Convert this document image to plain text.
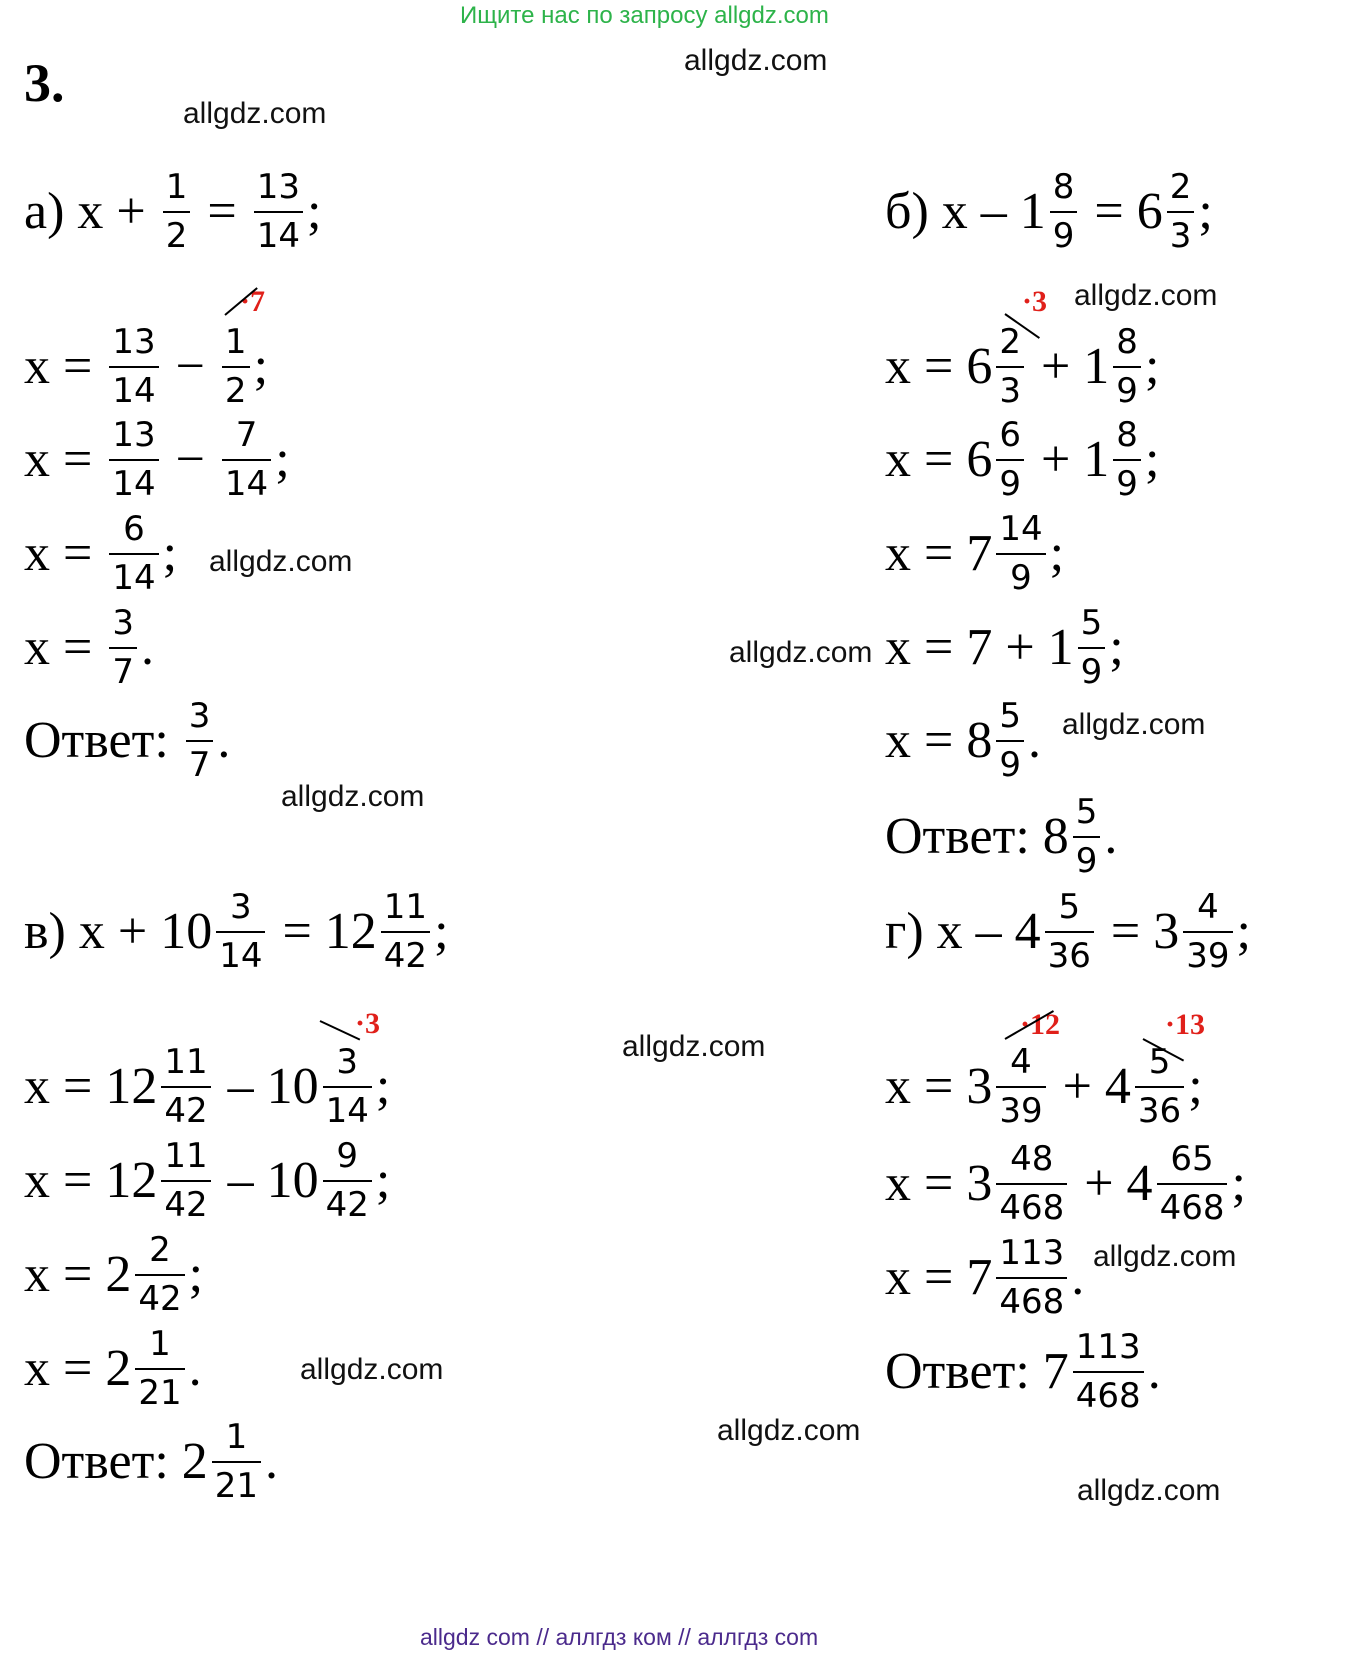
Ищите нас по запросу allgdz.com
3.
allgdz com // аллгдз ком // аллгдз com
allgdz.com
allgdz.com
allgdz.com
allgdz.com
allgdz.com
allgdz.com
allgdz.com
allgdz.com
allgdz.com
allgdz.com
allgdz.com
allgdz.com
а) $x + \frac{1}{2} = \frac{13}{14}$ ;
$x = \frac{13}{14} - \frac{1}{2}$ ;
$x = \frac{13}{14} - \frac{7}{14}$ ;
$x = \frac{6}{14}$ ;
$x = \frac{3}{7}$ .
Ответ: $\frac{3}{7}$ .
б) $x - 1 \frac{8}{9} = 6 \frac{2}{3}$ ;
$x = 6 \frac{2}{3} + 1 \frac{8}{9}$ ;
$x = 6 \frac{6}{9} + 1 \frac{8}{9}$ ;
$x = 7 \frac{14}{9}$ ;
$x = 7 + 1 \frac{5}{9}$ ;
$x = 8 \frac{5}{9}$ .
Ответ: $8 \frac{5}{9}$ .
в) $x + 10 \frac{3}{14} = 12 \frac{11}{42}$ ;
$x = 12 \frac{11}{42} - 10 \frac{3}{14}$ ;
$x = 12 \frac{11}{42} - 10 \frac{9}{42}$ ;
$x = 2 \frac{2}{42}$ ;
$x = 2 \frac{1}{21}$ .
Ответ: $2 \frac{1}{21}$ .
г) $x - 4 \frac{5}{36} = 3 \frac{4}{39}$ ;
$x = 3 \frac{4}{39} + 4 \frac{5}{36}$ ;
$x = 3 \frac{48}{468} + 4 \frac{65}{468}$ ;
$x = 7 \frac{113}{468}$ .
Ответ: $7 \frac{113}{468}$ .
·7	·3
·3	·12	·13
